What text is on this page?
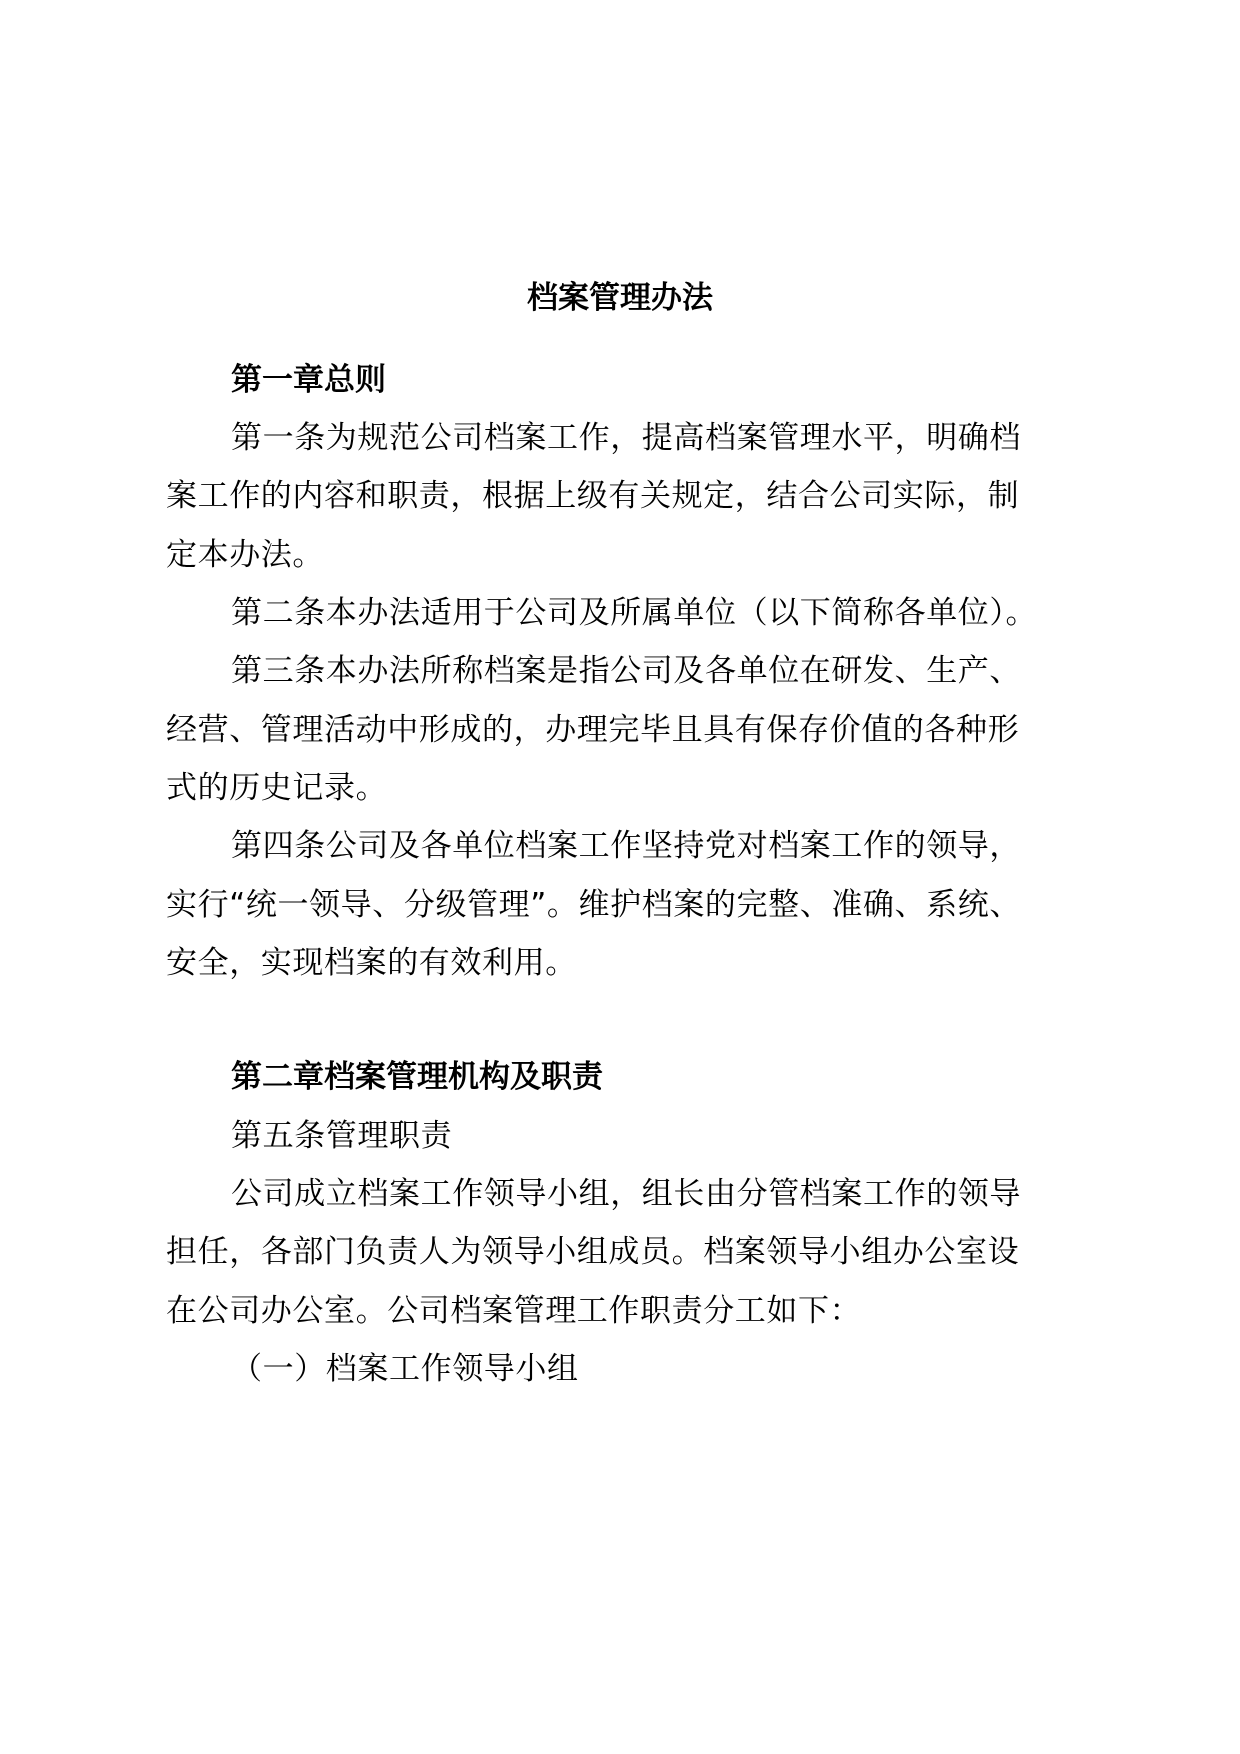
档案管理办法
第一章总则
第一条为规范公司档案工作，提高档案管理水平，明确档
案工作的内容和职责，根据上级有关规定，结合公司实际，制
定本办法。
第二条本办法适用于公司及所属单位（以下简称各单位）。
第三条本办法所称档案是指公司及各单位在研发、生产、
经营、管理活动中形成的，办理完毕且具有保存价值的各种形
式的历史记录。
第四条公司及各单位档案工作坚持党对档案工作的领导，
实行“统一领导、分级管理”。维护档案的完整、准确、系统、
安全，实现档案的有效利用。
第二章档案管理机构及职责
第五条管理职责
公司成立档案工作领导小组，组长由分管档案工作的领导
担任，各部门负责人为领导小组成员。档案领导小组办公室设
在公司办公室。公司档案管理工作职责分工如下：
（一）档案工作领导小组
